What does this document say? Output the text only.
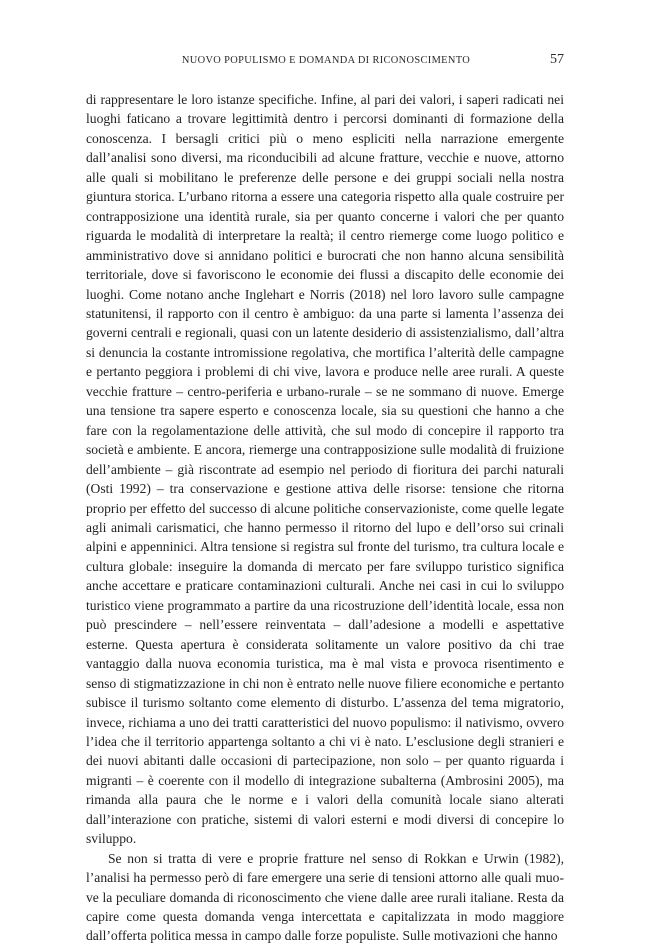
NUOVO POPULISMO E DOMANDA DI RICONOSCIMENTO	57

di rappresentare le loro istanze specifiche. Infine, al pari dei valori, i saperi radicati nei luoghi faticano a trovare legittimità dentro i percorsi dominanti di formazione della conoscenza. I bersagli critici più o meno espliciti nella narrazione emergente dall’analisi sono diversi, ma riconducibili ad alcune fratture, vecchie e nuove, attorno alle quali si mobilitano le preferenze delle persone e dei gruppi sociali nella nostra giuntura storica. L’urbano ritorna a essere una categoria rispetto alla quale costruire per contrapposizione una identità rurale, sia per quanto concerne i valori che per quanto riguarda le modalità di interpretare la realtà; il centro riemerge come luogo politico e amministrativo dove si annidano politici e burocrati che non hanno alcuna sensibilità territoriale, dove si favoriscono le economie dei flussi a discapito delle economie dei luoghi. Come notano anche Inglehart e Norris (2018) nel loro lavoro sulle campagne statunitensi, il rapporto con il centro è ambiguo: da una parte si lamenta l’assenza dei governi centrali e regionali, quasi con un latente desiderio di assistenzialismo, dall’altra si denuncia la costante intromissione regolativa, che mortifica l’alterità delle campagne e pertanto peggiora i problemi di chi vive, lavora e produce nelle aree rurali. A queste vecchie fratture – centro-periferia e urbano-rurale – se ne sommano di nuove. Emerge una tensione tra sapere esperto e conoscenza locale, sia su questioni che hanno a che fare con la regolamentazione delle attività, che sul modo di concepire il rapporto tra società e ambiente. E ancora, riemerge una contrapposizione sulle modalità di fruizione dell’ambiente – già riscontrate ad esempio nel periodo di fioritura dei parchi naturali (Osti 1992) – tra conservazione e gestione attiva delle risorse: tensione che ritorna proprio per effetto del successo di alcune politiche conservazioniste, come quelle legate agli animali carismatici, che hanno permesso il ritorno del lupo e dell’orso sui crinali alpini e appenninici. Altra tensione si registra sul fronte del turismo, tra cultura locale e cultura globale: inseguire la domanda di mercato per fare sviluppo turistico significa anche accettare e praticare contaminazioni culturali. Anche nei casi in cui lo sviluppo turistico viene programmato a partire da una ricostruzione dell’identità locale, essa non può prescindere – nell’essere reinventata – dall’adesione a modelli e aspettative esterne. Questa apertura è considerata solitamente un valore positivo da chi trae vantaggio dalla nuova economia turistica, ma è mal vista e provoca risentimento e senso di stigmatizzazione in chi non è entrato nelle nuove filiere economiche e pertanto subisce il turismo soltanto come elemento di disturbo. L’assenza del tema migratorio, invece, richiama a uno dei tratti caratteristici del nuovo populismo: il nativismo, ovvero l’idea che il territorio appartenga soltanto a chi vi è nato. L’esclusione degli stranieri e dei nuovi abitanti dalle occasioni di partecipazione, non solo – per quanto riguarda i migranti – è coerente con il modello di integrazione subalterna (Ambrosini 2005), ma rimanda alla paura che le norme e i valori della comunità locale siano alterati dall’interazione con pratiche, sistemi di valori esterni e modi diversi di concepire lo sviluppo.

Se non si tratta di vere e proprie fratture nel senso di Rokkan e Urwin (1982), l’analisi ha permesso però di fare emergere una serie di tensioni attorno alle quali muove la peculiare domanda di riconoscimento che viene dalle aree rurali italiane. Resta da capire come questa domanda venga intercettata e capitalizzata in modo maggiore dall’offerta politica messa in campo dalle forze populiste. Sulle motivazioni che hanno
